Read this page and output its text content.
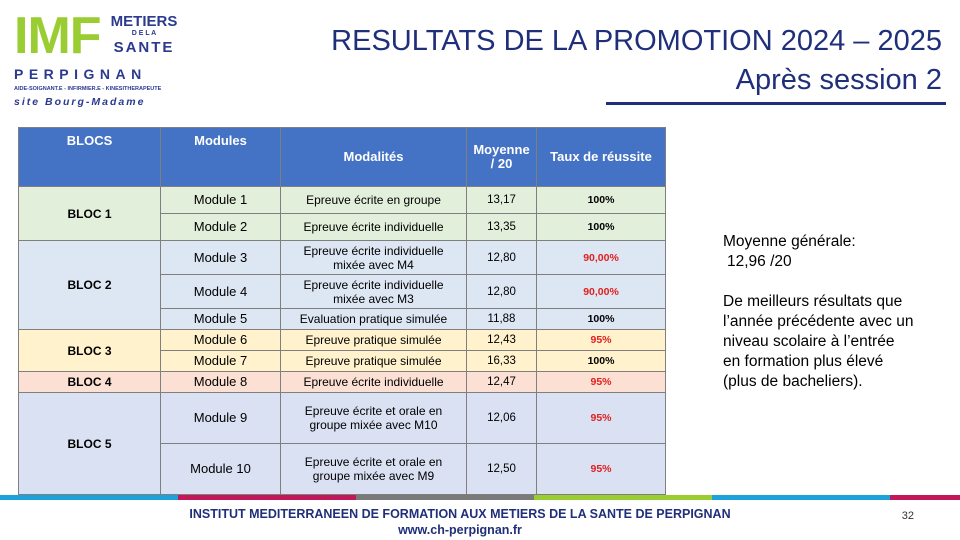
IMF METIERS
D E L A
SANTE
PERPIGNAN
AIDE-SOIGNANT.E - INFIRMIER.E - KINESITHERAPEUTE
site Bourg-Madame
RESULTATS DE LA PROMOTION 2024 – 2025
Après session 2
BLOCS	Modules	Modalités	Moyenne
/ 20	Taux de réussite
BLOC 1	Module 1	Epreuve écrite en groupe	13,17	100%
	Module 2	Epreuve écrite individuelle	13,35	100%
BLOC 2	Module 3	Epreuve écrite individuelle
mixée avec M4	12,80	90,00%
	Module 4	Epreuve écrite individuelle
mixée avec M3	12,80	90,00%
	Module 5	Evaluation pratique simulée	11,88	100%
BLOC 3	Module 6	Epreuve pratique simulée	12,43	95%
	Module 7	Epreuve pratique simulée	16,33	100%
BLOC 4	Module 8	Epreuve écrite individuelle	12,47	95%
BLOC 5	Module 9	Epreuve écrite et orale en
groupe mixée avec M10	12,06	95%
	Module 10	Epreuve écrite et orale en
groupe mixée avec M9	12,50	95%
Moyenne générale:
12,96 /20
De meilleurs résultats que
l’année précédente avec un
niveau scolaire à l’entrée
en formation plus élevé
(plus de bacheliers).
INSTITUT MEDITERRANEEN DE FORMATION AUX METIERS DE LA SANTE DE PERPIGNAN
www.ch-perpignan.fr
32
